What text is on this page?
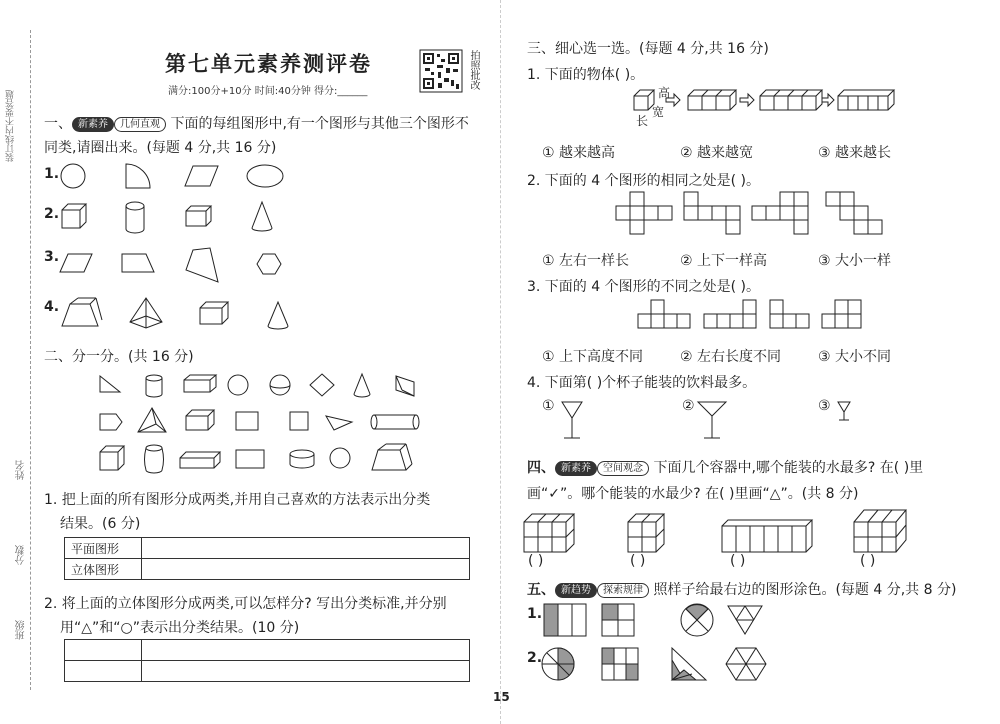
装订线内不要答题
姓名
分数
班级
第七单元素养测评卷
满分:100分+10分 时间:40分钟 得分:______
拍照批改
一、 新素养 几何直观 下面的每组图形中,有一个图形与其他三个图形不
同类,请圈出来。(每题 4 分,共 16 分)
1.
2.
3.
4.
二、分一分。(共 16 分)
1. 把上面的所有图形分成两类,并用自己喜欢的方法表示出分类
结果。(6 分)
平面图形	
立体图形	
2. 将上面的立体图形分成两类,可以怎样分? 写出分类标准,并分别
用“△”和“○”表示出分类结果。(10 分)

三、细心选一选。(每题 4 分,共 16 分)
1. 下面的物体( )。
高
宽
长
① 越来越高	② 越来越宽	③ 越来越长
2. 下面的 4 个图形的相同之处是( )。
① 左右一样长	② 上下一样高	③ 大小一样
3. 下面的 4 个图形的不同之处是( )。
① 上下高度不同	② 左右长度不同	③ 大小不同
4. 下面第( )个杯子能装的饮料最多。
①	②	③
四、 新素养 空间观念 下面几个容器中,哪个能装的水最多? 在( )里
画“✓”。哪个能装的水最少? 在( )里画“△”。(共 8 分)
( )	( )	( )	( )
五、 新趋势 探索规律 照样子给最右边的图形涂色。(每题 4 分,共 8 分)
1.
2.
15
